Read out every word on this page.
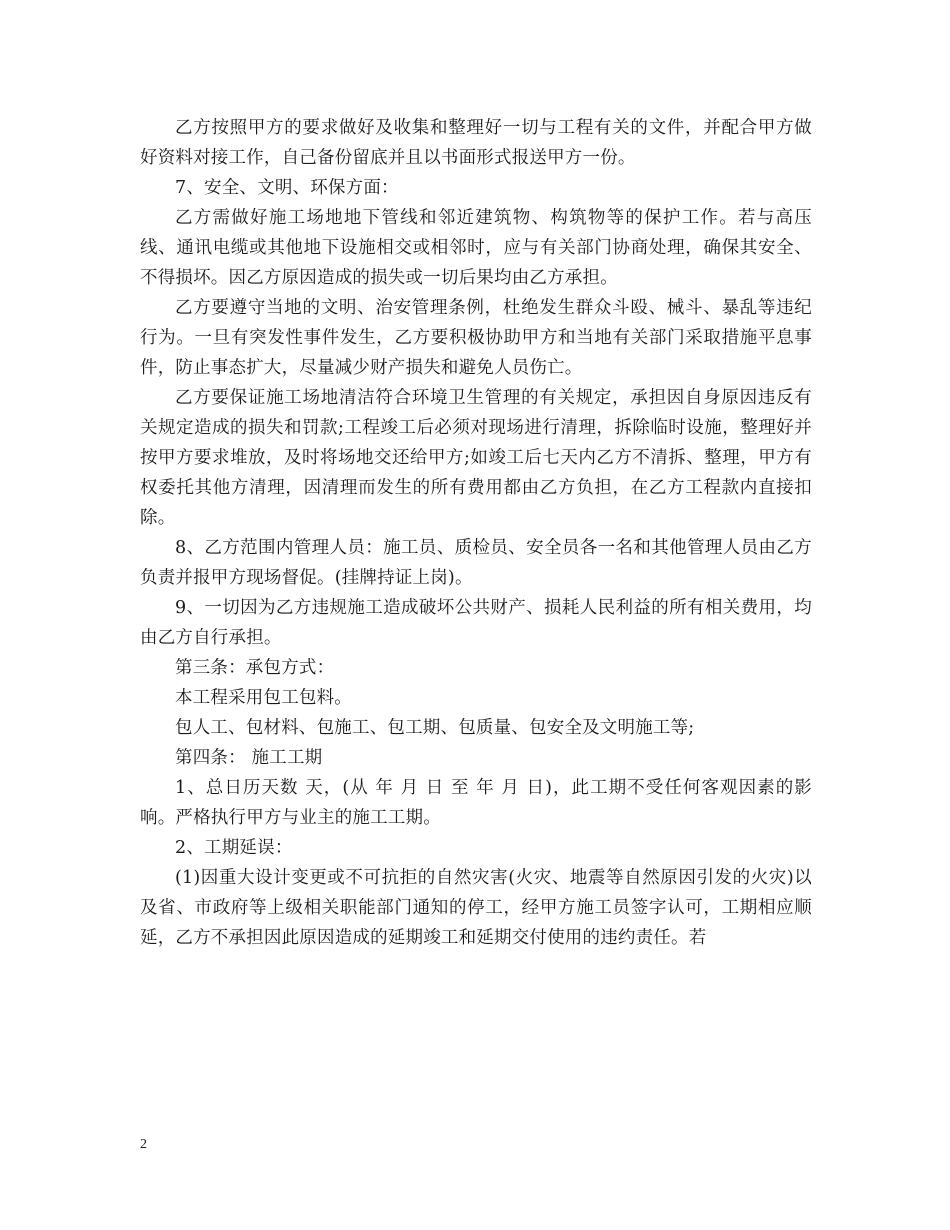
乙方按照甲方的要求做好及收集和整理好一切与工程有关的文件，并配合甲方做好资料对接工作，自己备份留底并且以书面形式报送甲方一份。

7、安全、文明、环保方面：

乙方需做好施工场地地下管线和邻近建筑物、构筑物等的保护工作。若与高压线、通讯电缆或其他地下设施相交或相邻时，应与有关部门协商处理，确保其安全、不得损坏。因乙方原因造成的损失或一切后果均由乙方承担。

乙方要遵守当地的文明、治安管理条例，杜绝发生群众斗殴、械斗、暴乱等违纪行为。一旦有突发性事件发生，乙方要积极协助甲方和当地有关部门采取措施平息事件，防止事态扩大，尽量减少财产损失和避免人员伤亡。

乙方要保证施工场地清洁符合环境卫生管理的有关规定，承担因自身原因违反有关规定造成的损失和罚款;工程竣工后必须对现场进行清理，拆除临时设施，整理好并按甲方要求堆放，及时将场地交还给甲方;如竣工后七天内乙方不清拆、整理，甲方有权委托其他方清理，因清理而发生的所有费用都由乙方负担，在乙方工程款内直接扣除。

8、乙方范围内管理人员：施工员、质检员、安全员各一名和其他管理人员由乙方负责并报甲方现场督促。(挂牌持证上岗)。

9、一切因为乙方违规施工造成破坏公共财产、损耗人民利益的所有相关费用，均由乙方自行承担。

第三条：承包方式：

本工程采用包工包料。

包人工、包材料、包施工、包工期、包质量、包安全及文明施工等;

第四条： 施工工期

1、总日历天数 天，(从 年 月 日 至 年 月 日)，此工期不受任何客观因素的影响。严格执行甲方与业主的施工工期。

2、工期延误：

(1)因重大设计变更或不可抗拒的自然灾害(火灾、地震等自然原因引发的火灾)以及省、市政府等上级相关职能部门通知的停工，经甲方施工员签字认可，工期相应顺延，乙方不承担因此原因造成的延期竣工和延期交付使用的违约责任。若

2
